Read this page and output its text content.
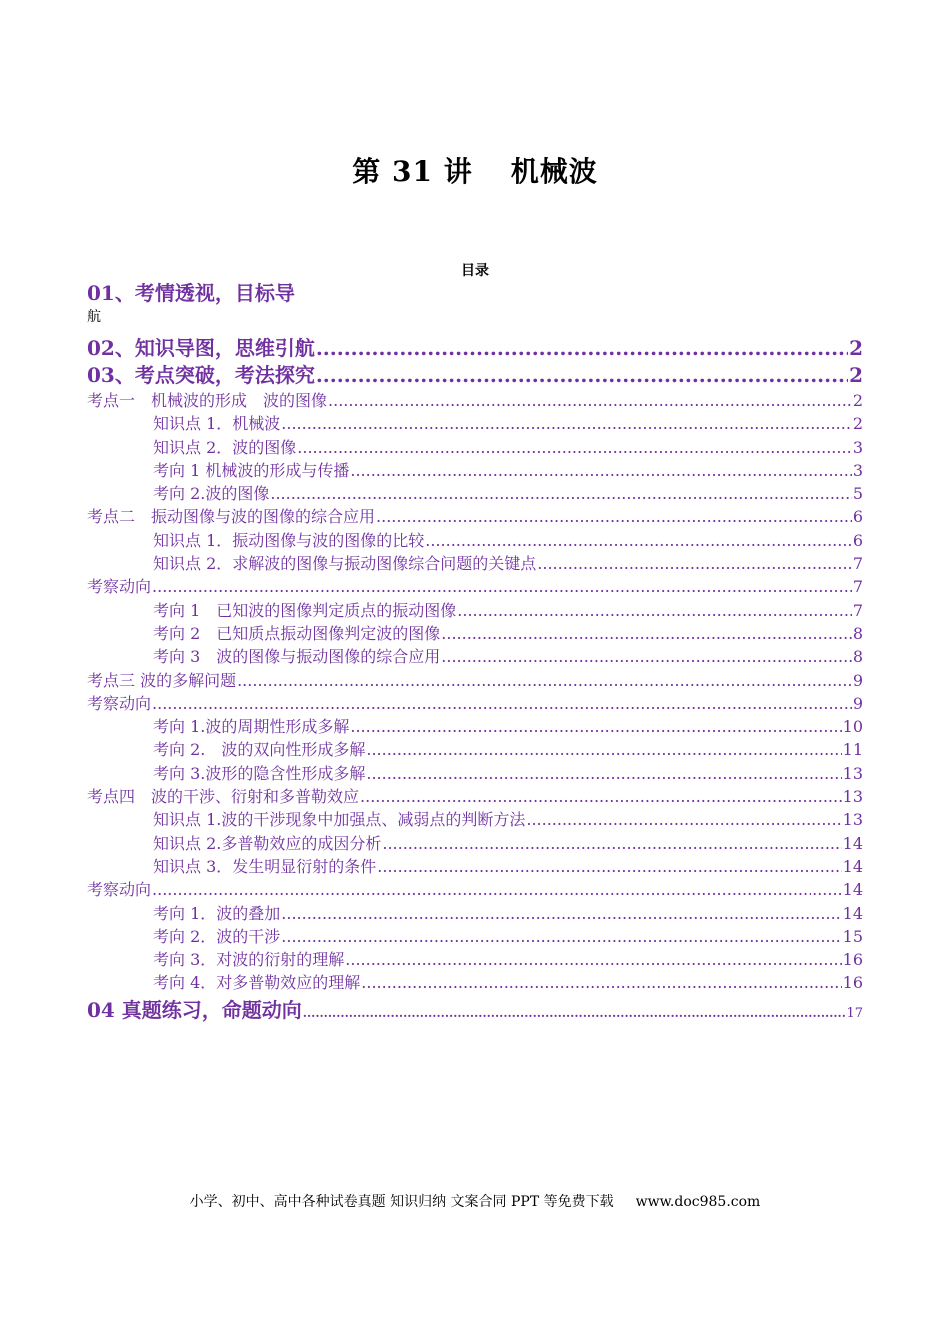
第 31 讲 机械波
目录
01、考情透视，目标导
航
02、知识导图，思维引航 .....	2
03、考点突破，考法探究 .....	2
考点一　机械波的形成　波的图像 .....	2
知识点 1．机械波 .....	2
知识点 2．波的图像 .....	3
考向 1 机械波的形成与传播 .....	3
考向 2.波的图像 .....	5
考点二　振动图像与波的图像的综合应用 .....	6
知识点 1．振动图像与波的图像的比较 .....	6
知识点 2．求解波的图像与振动图像综合问题的关键点 .....	7
考察动向 .....	7
考向 1　已知波的图像判定质点的振动图像 .....	7
考向 2　已知质点振动图像判定波的图像 .....	8
考向 3　波的图像与振动图像的综合应用 .....	8
考点三 波的多解问题 .....	9
考察动向 .....	9
考向 1.波的周期性形成多解 .....	10
考向 2.　波的双向性形成多解 .....	11
考向 3.波形的隐含性形成多解 .....	13
考点四　波的干涉、衍射和多普勒效应 .....	13
知识点 1.波的干涉现象中加强点、减弱点的判断方法 .....	13
知识点 2.多普勒效应的成因分析 .....	14
知识点 3．发生明显衍射的条件 .....	14
考察动向 .....	......14
考向 1．波的叠加 .....	14
考向 2．波的干涉 .....	15
考向 3．对波的衍射的理解 .....	16
考向 4．对多普勒效应的理解 .....	16
04 真题练习，命题动向 .....	17
小学、初中、高中各种试卷真题 知识归纳 文案合同 PPT 等免费下载 www.doc985.com
